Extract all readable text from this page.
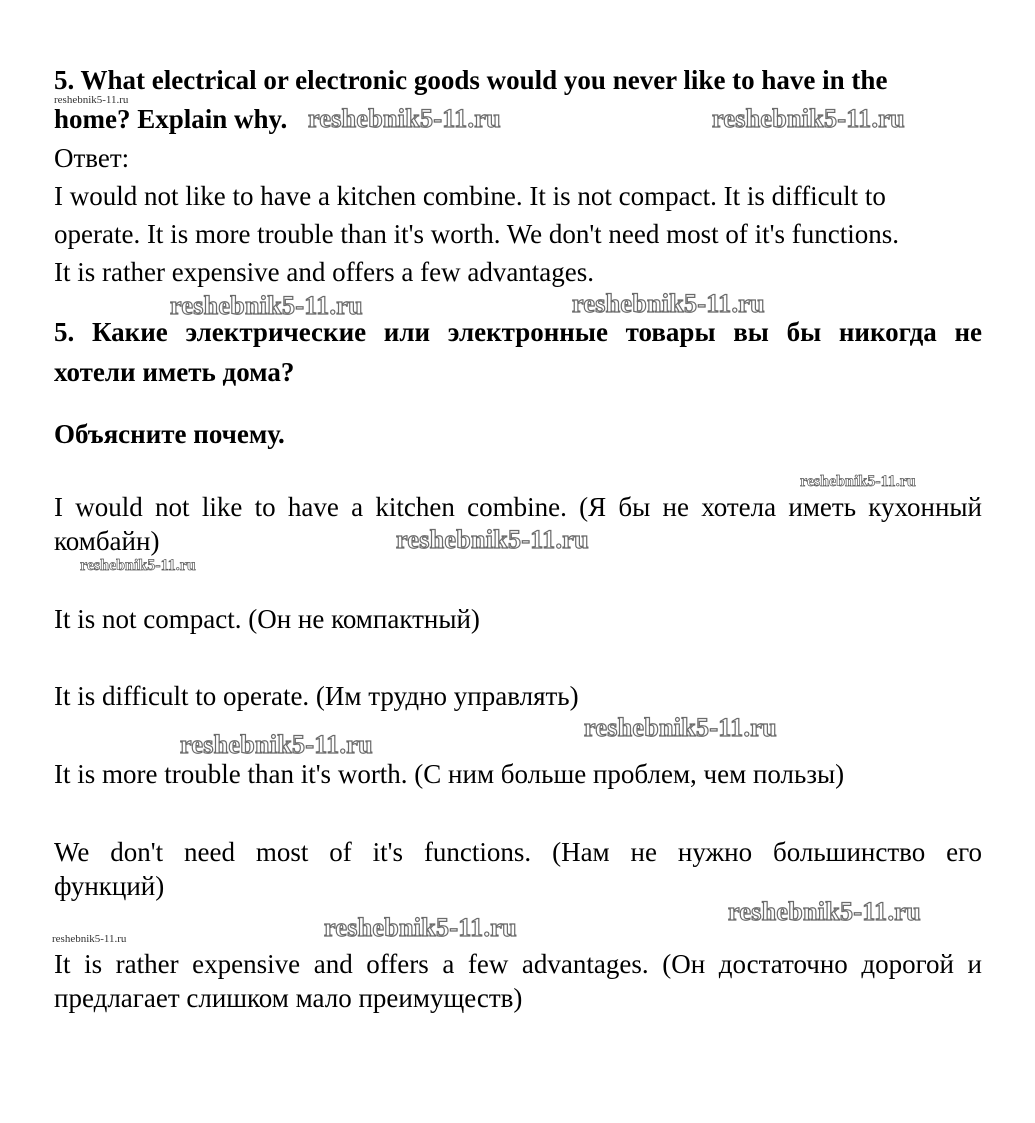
5. What electrical or electronic goods would you never like to have in the
home? Explain why.
Ответ:
I would not like to have a kitchen combine. It is not compact. It is difficult to
operate. It is more trouble than it's worth. We don't need most of it's functions.
It is rather expensive and offers a few advantages.
5. Какие электрические или электронные товары вы бы никогда не
хотели иметь дома?
Объясните почему.
I would not like to have a kitchen combine. (Я бы не хотела иметь кухонный
комбайн)
It is not compact. (Он не компактный)
It is difficult to operate. (Им трудно управлять)
It is more trouble than it's worth. (С ним больше проблем, чем пользы)
We don't need most of it's functions. (Нам не нужно большинство его
функций)
It is rather expensive and offers a few advantages. (Он достаточно дорогой и
предлагает слишком мало преимуществ)
reshebnik5-11.ru
reshebnik5-11.ru	reshebnik5-11.ru
reshebnik5-11.ru	reshebnik5-11.ru
reshebnik5-11.ru
reshebnik5-11.ru
reshebnik5-11.ru
reshebnik5-11.ru
reshebnik5-11.ru
reshebnik5-11.ru
reshebnik5-11.ru
reshebnik5-11.ru
